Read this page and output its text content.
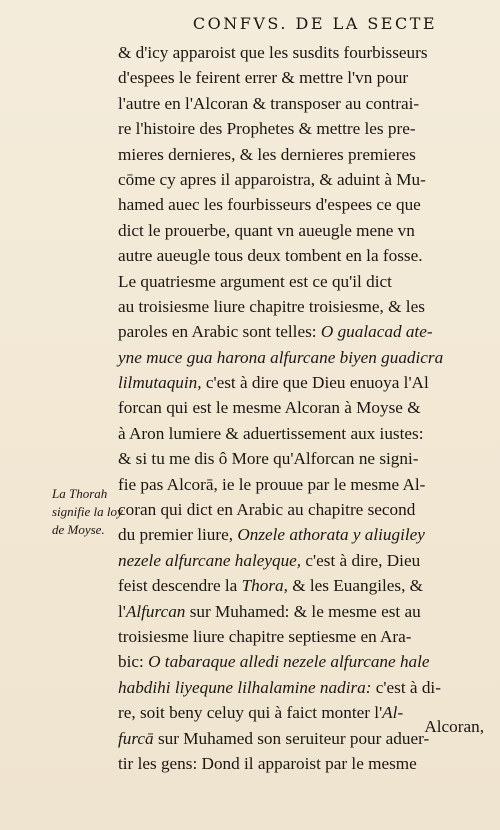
CONFVS. DE LA SECTE
La Thorah
signifie la loy
de Moyse.
& d'icy apparoist que les susdits fourbisseurs
d'espees le feirent errer & mettre l'vn pour
l'autre en l'Alcoran & transposer au contrai-
re l'histoire des Prophetes & mettre les pre-
mieres dernieres, & les dernieres premieres
cōme cy apres il apparoistra, & aduint à Mu-
hamed auec les fourbisseurs d'espees ce que
dict le prouerbe, quant vn aueugle mene vn
autre aueugle tous deux tombent en la fosse.
Le quatriesme argument est ce qu'il dict
au troisiesme liure chapitre troisiesme, & les
paroles en Arabic sont telles: O gualacad ate-
yne muce gua harona alfurcane biyen guadicra
lilmutaquin, c'est à dire que Dieu enuoya l'Al
forcan qui est le mesme Alcoran à Moyse &
à Aron lumiere & aduertissement aux iustes:
& si tu me dis ô More qu'Alforcan ne signi-
fie pas Alcorā, ie le prouue par le mesme Al-
coran qui dict en Arabic au chapitre second
du premier liure, Onzele athorata y aliugiley
nezele alfurcane haleyque, c'est à dire, Dieu
feist descendre la Thora, & les Euangiles, &
l'Alfurcan sur Muhamed: & le mesme est au
troisiesme liure chapitre septiesme en Ara-
bic: O tabaraque alledi nezele alfurcane hale
habdihi liyequne lilhalamine nadira: c'est à di-
re, soit beny celuy qui à faict monter l'Al-
furcā sur Muhamed son seruiteur pour aduer-
tir les gens: Dond il apparoist par le mesme
Alcoran,
